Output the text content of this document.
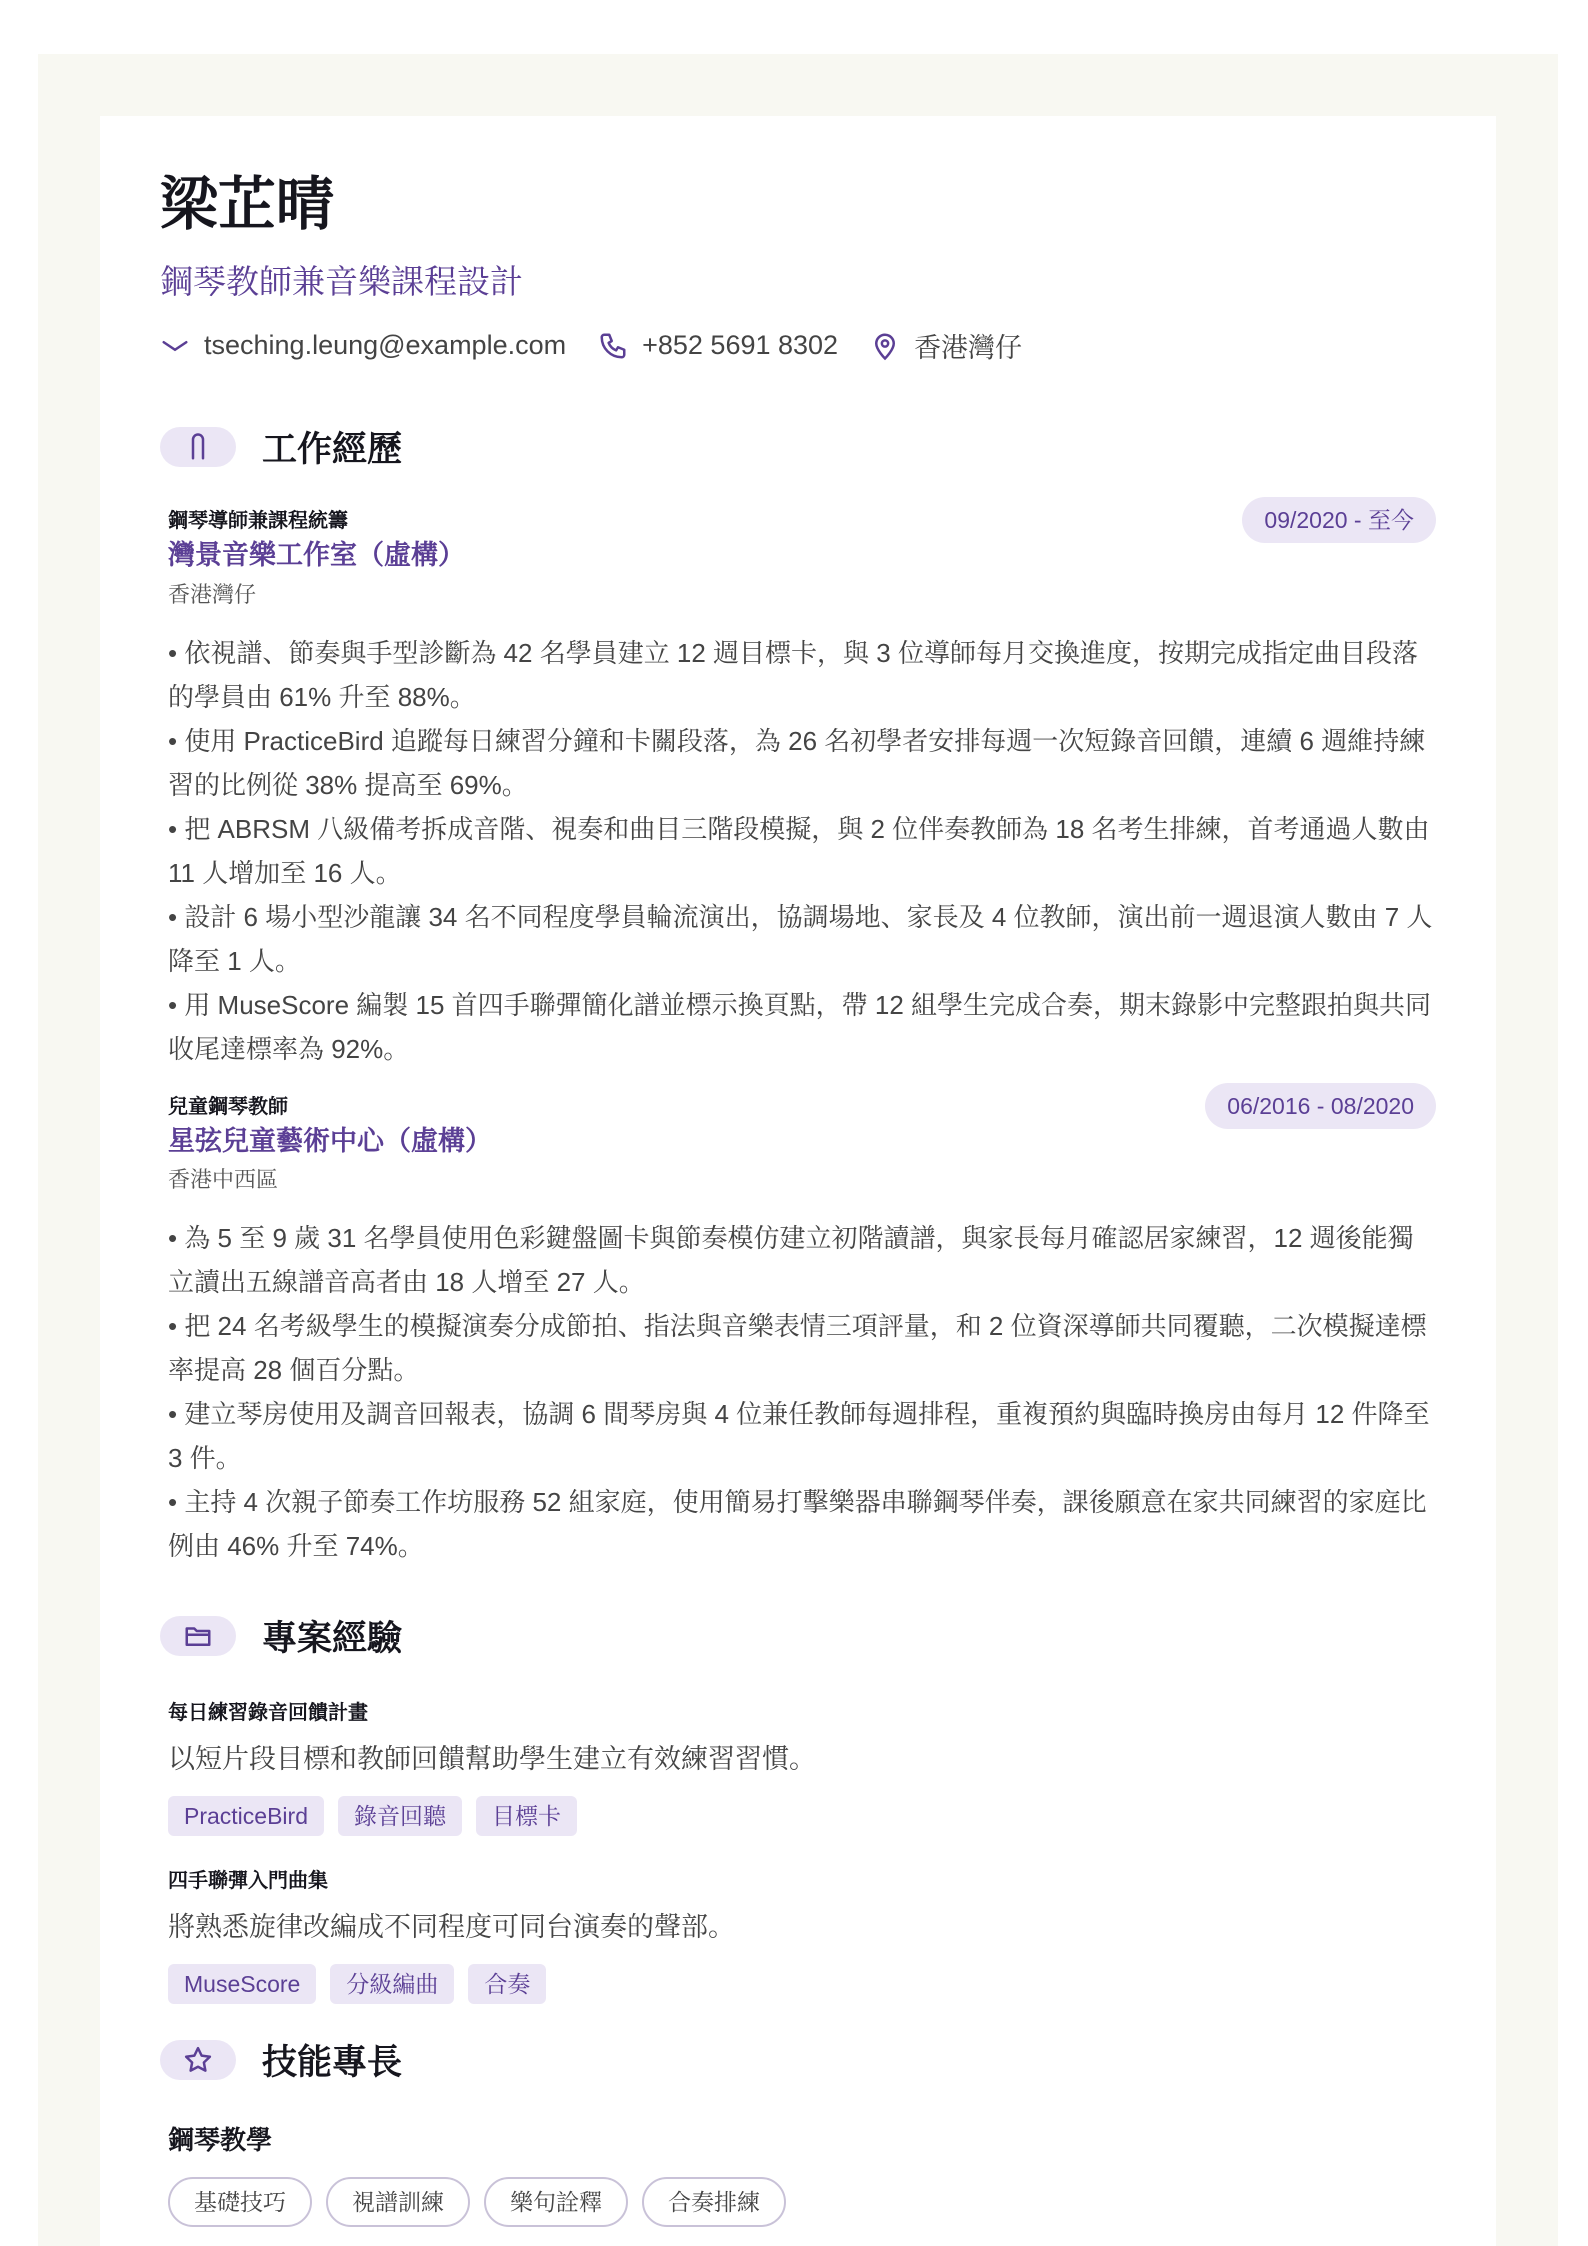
梁芷晴
鋼琴教師兼音樂課程設計
tseching.leung@example.com	+852 5691 8302	香港灣仔
工作經歷
鋼琴導師兼課程統籌
灣景音樂工作室（虛構）
香港灣仔
09/2020 - 至今
• 依視譜、節奏與手型診斷為 42 名學員建立 12 週目標卡，與 3 位導師每月交換進度，按期完成指定曲目段落的學員由 61% 升至 88%。
• 使用 PracticeBird 追蹤每日練習分鐘和卡關段落，為 26 名初學者安排每週一次短錄音回饋，連續 6 週維持練習的比例從 38% 提高至 69%。
• 把 ABRSM 八級備考拆成音階、視奏和曲目三階段模擬，與 2 位伴奏教師為 18 名考生排練，首考通過人數由 11 人增加至 16 人。
• 設計 6 場小型沙龍讓 34 名不同程度學員輪流演出，協調場地、家長及 4 位教師，演出前一週退演人數由 7 人降至 1 人。
• 用 MuseScore 編製 15 首四手聯彈簡化譜並標示換頁點，帶 12 組學生完成合奏，期末錄影中完整跟拍與共同收尾達標率為 92%。
兒童鋼琴教師
星弦兒童藝術中心（虛構）
香港中西區
06/2016 - 08/2020
• 為 5 至 9 歲 31 名學員使用色彩鍵盤圖卡與節奏模仿建立初階讀譜，與家長每月確認居家練習，12 週後能獨立讀出五線譜音高者由 18 人增至 27 人。
• 把 24 名考級學生的模擬演奏分成節拍、指法與音樂表情三項評量，和 2 位資深導師共同覆聽，二次模擬達標率提高 28 個百分點。
• 建立琴房使用及調音回報表，協調 6 間琴房與 4 位兼任教師每週排程，重複預約與臨時換房由每月 12 件降至 3 件。
• 主持 4 次親子節奏工作坊服務 52 組家庭，使用簡易打擊樂器串聯鋼琴伴奏，課後願意在家共同練習的家庭比例由 46% 升至 74%。
專案經驗
每日練習錄音回饋計畫
以短片段目標和教師回饋幫助學生建立有效練習習慣。
PracticeBird	錄音回聽	目標卡
四手聯彈入門曲集
將熟悉旋律改編成不同程度可同台演奏的聲部。
MuseScore	分級編曲	合奏
技能專長
鋼琴教學
基礎技巧	視譜訓練	樂句詮釋	合奏排練
